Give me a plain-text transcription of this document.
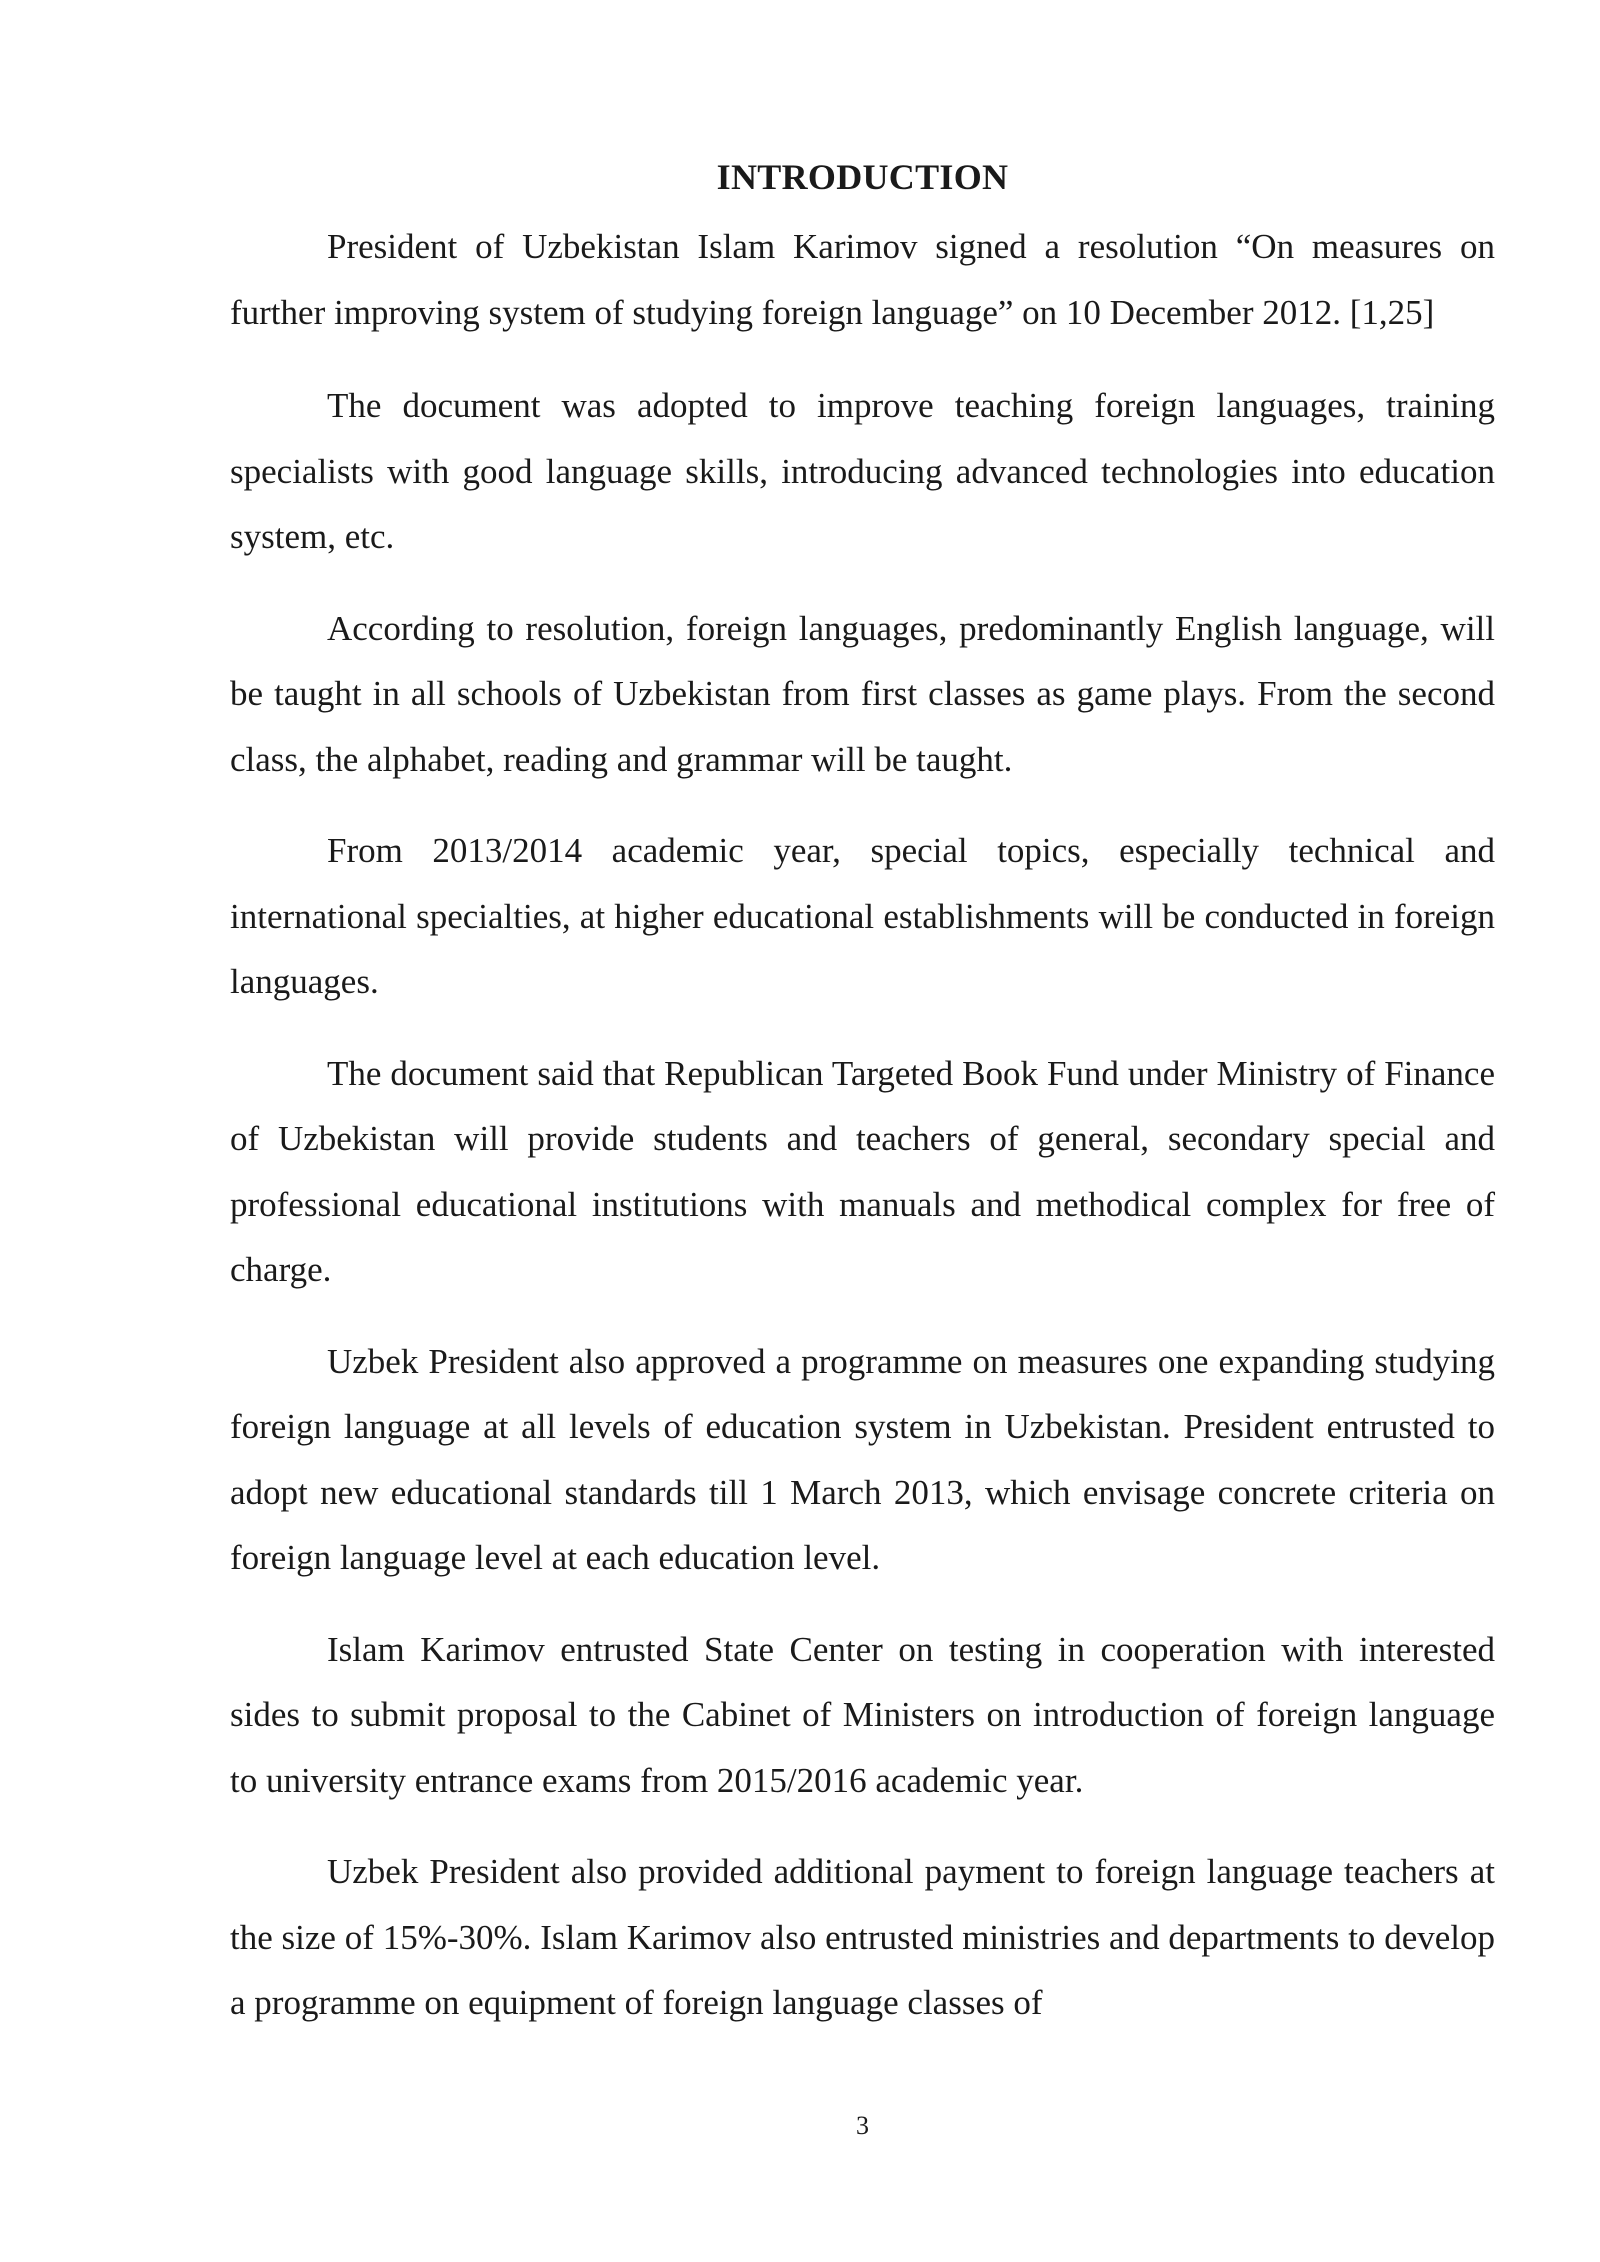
INTRODUCTION

President of Uzbekistan Islam Karimov signed a resolution “On measures on further improving system of studying foreign language” on 10 December 2012. [1,25]

The document was adopted to improve teaching foreign languages, training specialists with good language skills, introducing advanced technologies into education system, etc.

According to resolution, foreign languages, predominantly English language, will be taught in all schools of Uzbekistan from first classes as game plays. From the second class, the alphabet, reading and grammar will be taught.

From 2013/2014 academic year, special topics, especially technical and international specialties, at higher educational establishments will be conducted in foreign languages.

The document said that Republican Targeted Book Fund under Ministry of Finance of Uzbekistan will provide students and teachers of general, secondary special and professional educational institutions with manuals and methodical complex for free of charge.

Uzbek President also approved a programme on measures one expanding studying foreign language at all levels of education system in Uzbekistan. President entrusted to adopt new educational standards till 1 March 2013, which envisage concrete criteria on foreign language level at each education level.

Islam Karimov entrusted State Center on testing in cooperation with interested sides to submit proposal to the Cabinet of Ministers on introduction of foreign language to university entrance exams from 2015/2016 academic year.

Uzbek President also provided additional payment to foreign language teachers at the size of 15%-30%. Islam Karimov also entrusted ministries and departments to develop a programme on equipment of foreign language classes of

3
